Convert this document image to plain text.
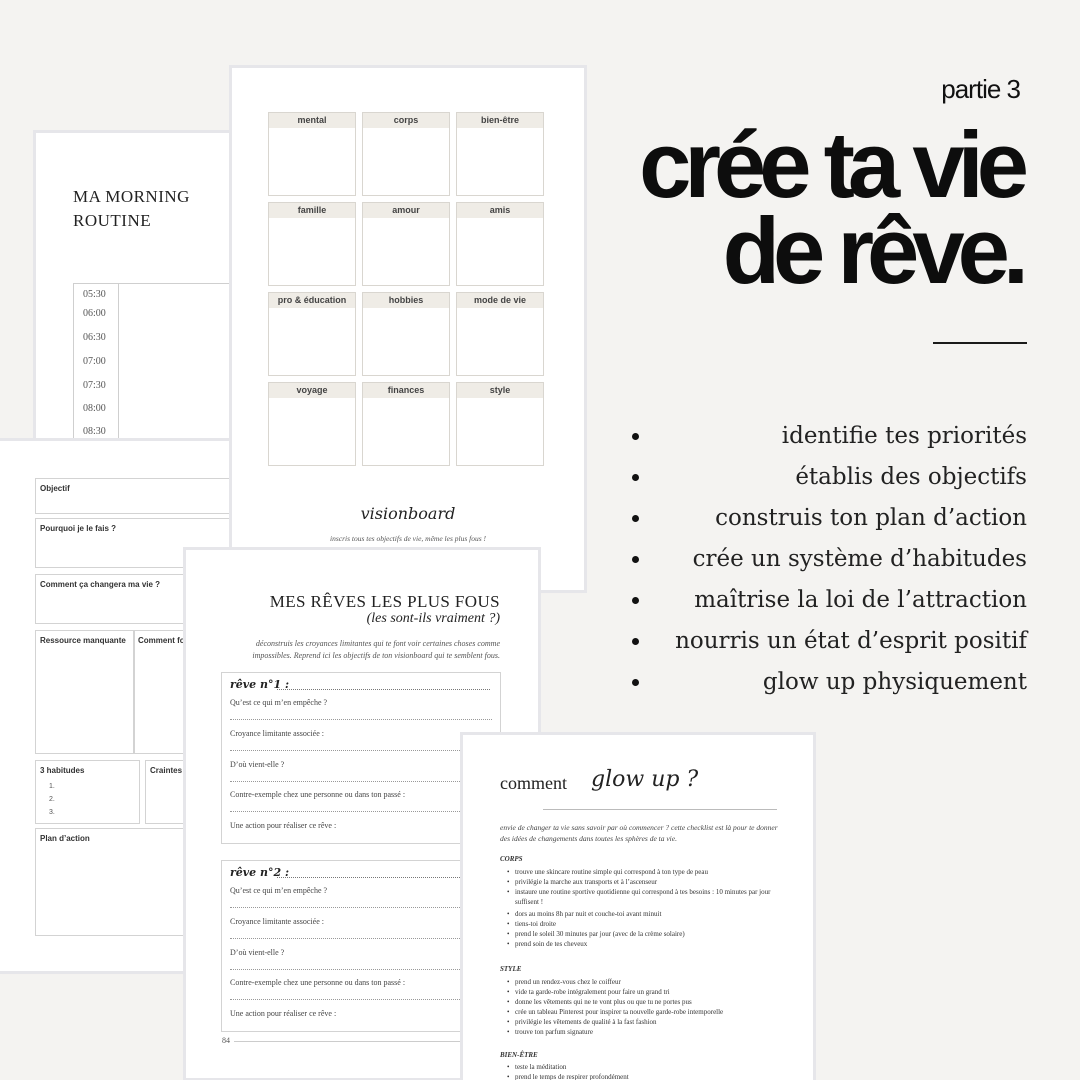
MA MORNING
ROUTINE
05:30
06:00
06:30
07:00
07:30
08:00
08:30
Objectif
Pourquoi je le fais ?
Comment ça changera ma vie ?
Ressource manquante Comment fo
3 habitudes
1.
2.
3.
Craintes
Plan d’action
mental	corps	bien-être
famille	amour	amis
pro & éducation	hobbies	mode de vie
voyage	finances	style
inscris tous tes objectifs de vie, même les plus fous !
visionboard
MES RÊVES LES PLUS FOUS
(les sont-ils vraiment ?)
déconstruis les croyances limitantes qui te font voir certaines choses comme impossibles. Reprend ici les objectifs de ton visionboard qui te semblent fous.
rêve n°1 :
Qu’est ce qui m’en empêche ?
Croyance limitante associée :
D’où vient-elle ?
Contre-exemple chez une personne ou dans ton passé :
Une action pour réaliser ce rêve :
rêve n°2 :
Qu’est ce qui m’en empêche ?
Croyance limitante associée :
D’où vient-elle ?
Contre-exemple chez une personne ou dans ton passé :
Une action pour réaliser ce rêve :
84
comment glow up ?
envie de changer ta vie sans savoir par où commencer ? cette checklist est là pour te donner des idées de changements dans toutes les sphères de ta vie.
CORPS
• trouve une skincare routine simple qui correspond à ton type de peau
• privilégie la marche aux transports et à l’ascenseur
• instaure une routine sportive quotidienne qui correspond à tes besoins : 10 minutes par jour suffisent !
• dors au moins 8h par nuit et couche-toi avant minuit
• tiens-toi droite
• prend le soleil 30 minutes par jour (avec de la crème solaire)
• prend soin de tes cheveux
STYLE
• prend un rendez-vous chez le coiffeur
• vide ta garde-robe intégralement pour faire un grand tri
• donne les vêtements qui ne te vont plus ou que tu ne portes pus
• crée un tableau Pinterest pour inspirer ta nouvelle garde-robe intemporelle
• privilégie les vêtements de qualité à la fast fashion
• trouve ton parfum signature
BIEN-ÊTRE
• teste la méditation
• prend le temps de respirer profondément
partie 3
crée ta vie
de rêve.
identifie tes priorités
établis des objectifs
construis ton plan d’action
crée un système d’habitudes
maîtrise la loi de l’attraction
nourris un état d’esprit positif
glow up physiquement
